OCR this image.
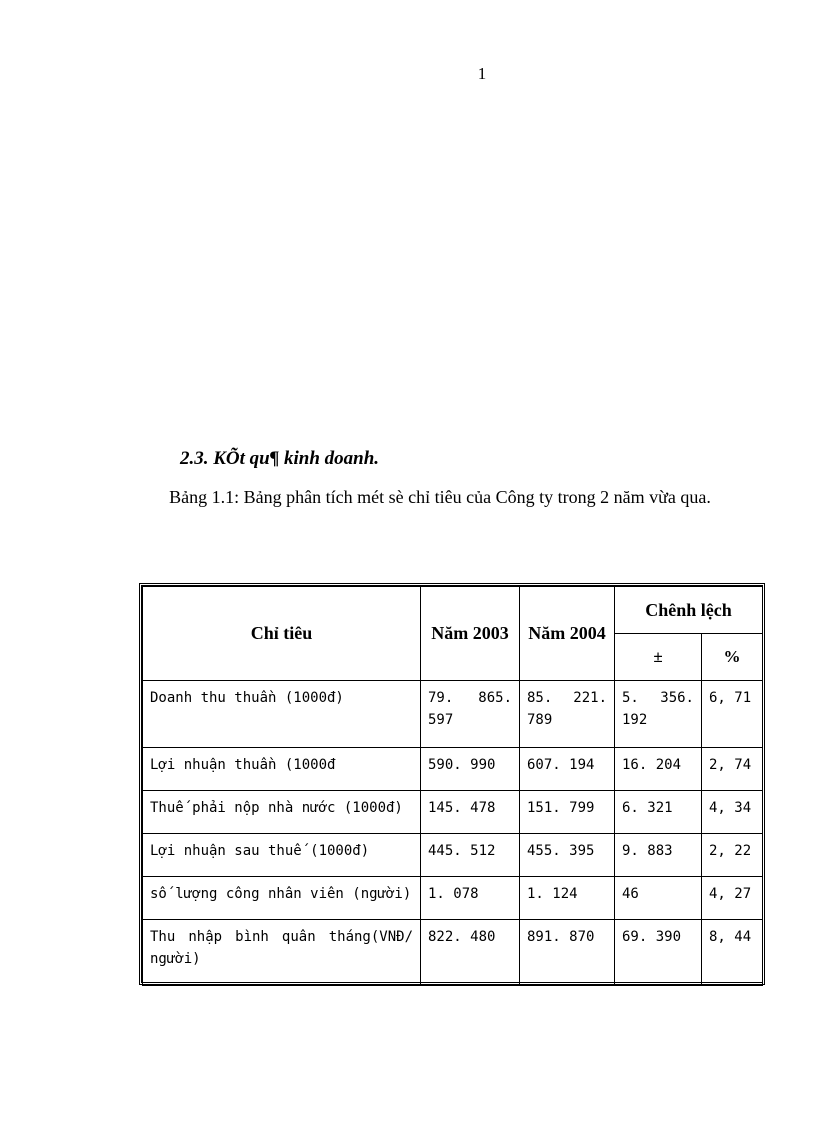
1
2.3. KÕt qu¶ kinh doanh.
Bảng 1.1: Bảng phân tích mét sè chỉ tiêu của Công ty trong 2 năm vừa qua.
Chỉ tiêu	Năm 2003	Năm 2004	Chênh lệch	
			±	%
Doanh thu thuần (1000đ)	79. 865. 597	85. 221. 789	5. 356. 192	6, 71
Lợi nhuận thuần (1000đ	590. 990	607. 194	16. 204	2, 74
Thuế phải nộp nhà nước (1000đ)	145. 478	151. 799	6. 321	4, 34
Lợi nhuận sau thuế (1000đ)	445. 512	455. 395	9. 883	2, 22
số lượng công nhân viên (người)	1. 078	1. 124	46	4, 27
Thu nhập bình quân tháng(VNĐ/ người)	822. 480	891. 870	69. 390	8, 44
